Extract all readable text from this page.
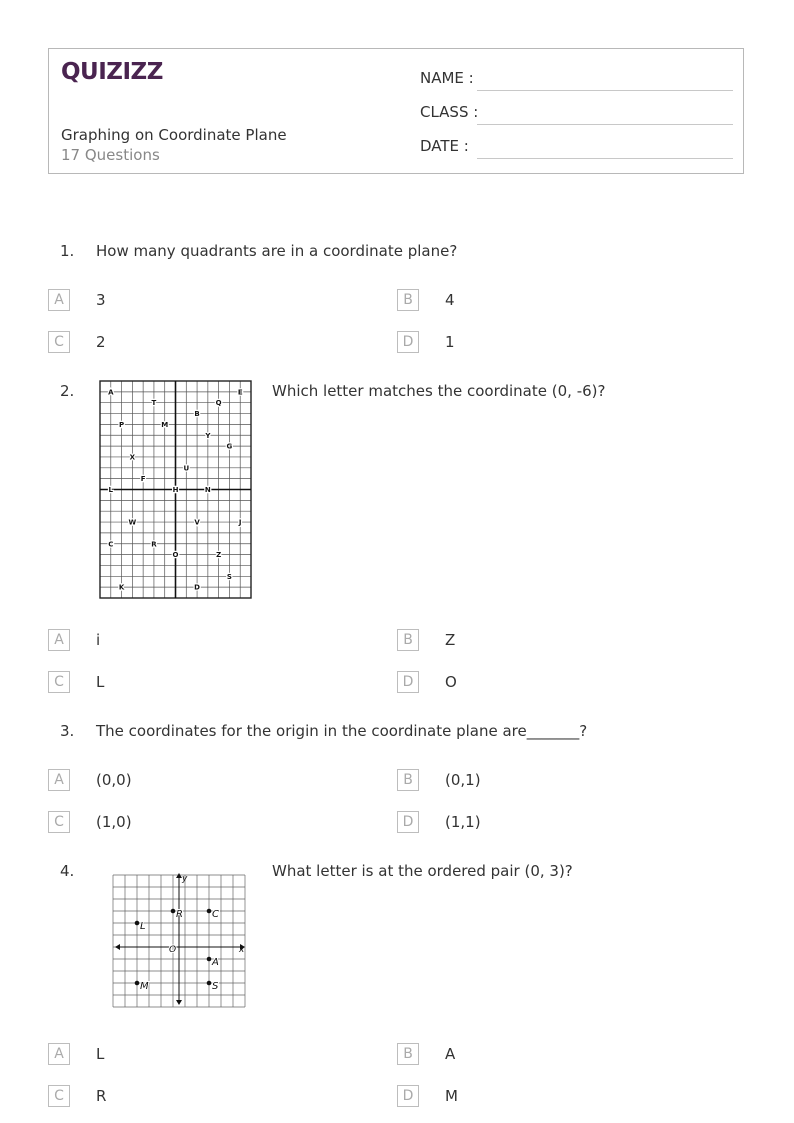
QUIZIZZ
Graphing on Coordinate Plane
17 Questions
NAME :
CLASS :
DATE :
1. How many quadrants are in a coordinate plane?
A	3	B	4
C	2	D	1
2.	A	E
T	Q
B
P	M
Y
G
X
U
F
L	H	N
W	V	J
C	R
O	Z
S
K	D
Which letter matches the coordinate (0, -6)?
A	i	B	Z
C	L	D	O
3. The coordinates for the origin in the coordinate plane are_______?
A	(0,0)	B	(0,1)
C	(1,0)	D	(1,1)
4.
x
y
O
R	C
L
A
M	S
What letter is at the ordered pair (0, 3)?
A	L	B	A
C	R	D	M
